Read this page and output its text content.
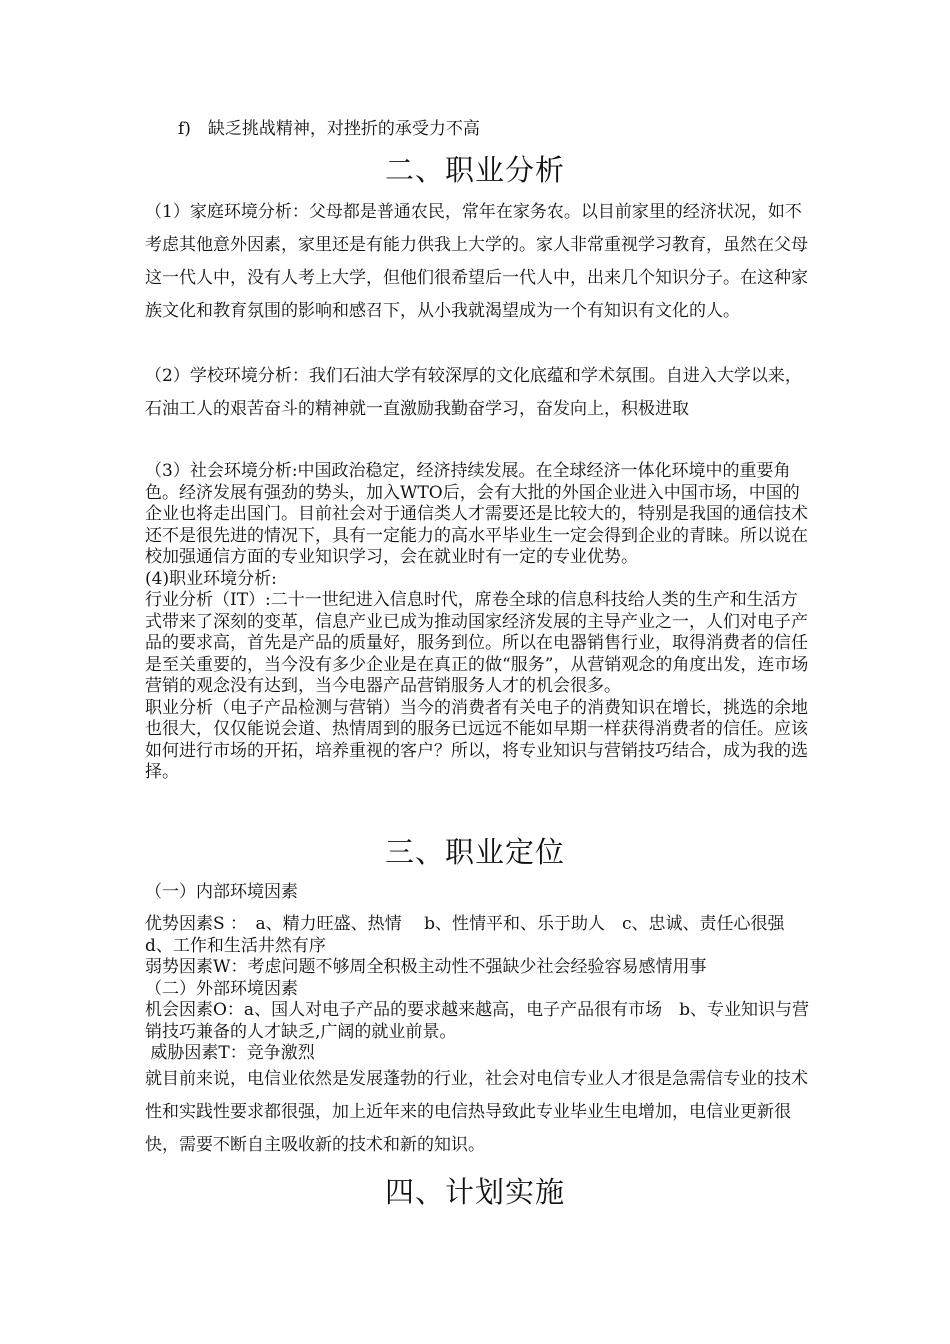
f)　缺乏挑战精神，对挫折的承受力不高

二、职业分析

（1）家庭环境分析：父母都是普通农民，常年在家务农。以目前家里的经济状况，如不考虑其他意外因素，家里还是有能力供我上大学的。家人非常重视学习教育，虽然在父母这一代人中，没有人考上大学，但他们很希望后一代人中，出来几个知识分子。在这种家族文化和教育氛围的影响和感召下，从小我就渴望成为一个有知识有文化的人。

（2）学校环境分析：我们石油大学有较深厚的文化底蕴和学术氛围。自进入大学以来，石油工人的艰苦奋斗的精神就一直激励我勤奋学习，奋发向上，积极进取

（3）社会环境分析:中国政治稳定，经济持续发展。在全球经济一体化环境中的重要角色。经济发展有强劲的势头，加入WTO后，会有大批的外国企业进入中国市场，中国的企业也将走出国门。目前社会对于通信类人才需要还是比较大的，特别是我国的通信技术还不是很先进的情况下，具有一定能力的高水平毕业生一定会得到企业的青睐。所以说在校加强通信方面的专业知识学习，会在就业时有一定的专业优势。
(4)职业环境分析:
行业分析（IT）:二十一世纪进入信息时代，席卷全球的信息科技给人类的生产和生活方式带来了深刻的变革，信息产业已成为推动国家经济发展的主导产业之一，人们对电子产品的要求高，首先是产品的质量好，服务到位。所以在电器销售行业，取得消费者的信任是至关重要的，当今没有多少企业是在真正的做“服务”，从营销观念的角度出发，连市场营销的观念没有达到，当今电器产品营销服务人才的机会很多。
职业分析（电子产品检测与营销）当今的消费者有关电子的消费知识在增长，挑选的余地也很大，仅仅能说会道、热情周到的服务已远远不能如早期一样获得消费者的信任。应该如何进行市场的开拓，培养重视的客户？所以，将专业知识与营销技巧结合，成为我的选择。
三、职业定位

（一）内部环境因素

优势因素S ：　a、精力旺盛、热情　 b、性情平和、乐于助人　c、忠诚、责任心很强　d、工作和生活井然有序
弱势因素W：考虑问题不够周全积极主动性不强缺少社会经验容易感情用事
（二）外部环境因素
机会因素O：a、国人对电子产品的要求越来越高，电子产品很有市场　b、专业知识与营销技巧兼备的人才缺乏,广阔的就业前景。
威胁因素T：竞争激烈

就目前来说，电信业依然是发展蓬勃的行业，社会对电信专业人才很是急需信专业的技术性和实践性要求都很强，加上近年来的电信热导致此专业毕业生电增加，电信业更新很快，需要不断自主吸收新的技术和新的知识。

四、计划实施
